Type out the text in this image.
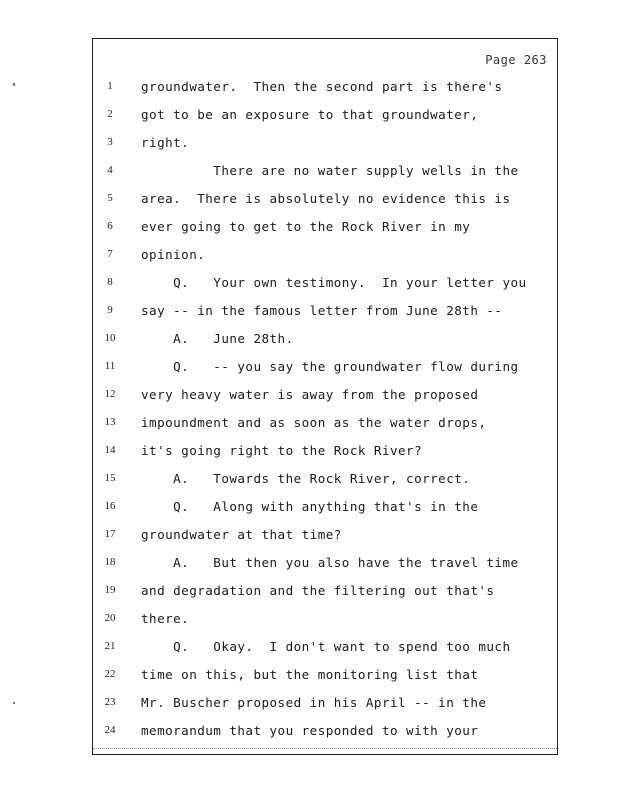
Page 263
1	groundwater.  Then the second part is there's
2	got to be an exposure to that groundwater,
3	right.
4	There are no water supply wells in the
5	area.  There is absolutely no evidence this is
6	ever going to get to the Rock River in my
7	opinion.
8	Q.   Your own testimony.  In your letter you
9	say -- in the famous letter from June 28th --
10	A.   June 28th.
11	Q.   -- you say the groundwater flow during
12	very heavy water is away from the proposed
13	impoundment and as soon as the water drops,
14	it's going right to the Rock River?
15	A.   Towards the Rock River, correct.
16	Q.   Along with anything that's in the
17	groundwater at that time?
18	A.   But then you also have the travel time
19	and degradation and the filtering out that's
20	there.
21	Q.   Okay.  I don't want to spend too much
22	time on this, but the monitoring list that
23	Mr. Buscher proposed in his April -- in the
24	memorandum that you responded to with your
